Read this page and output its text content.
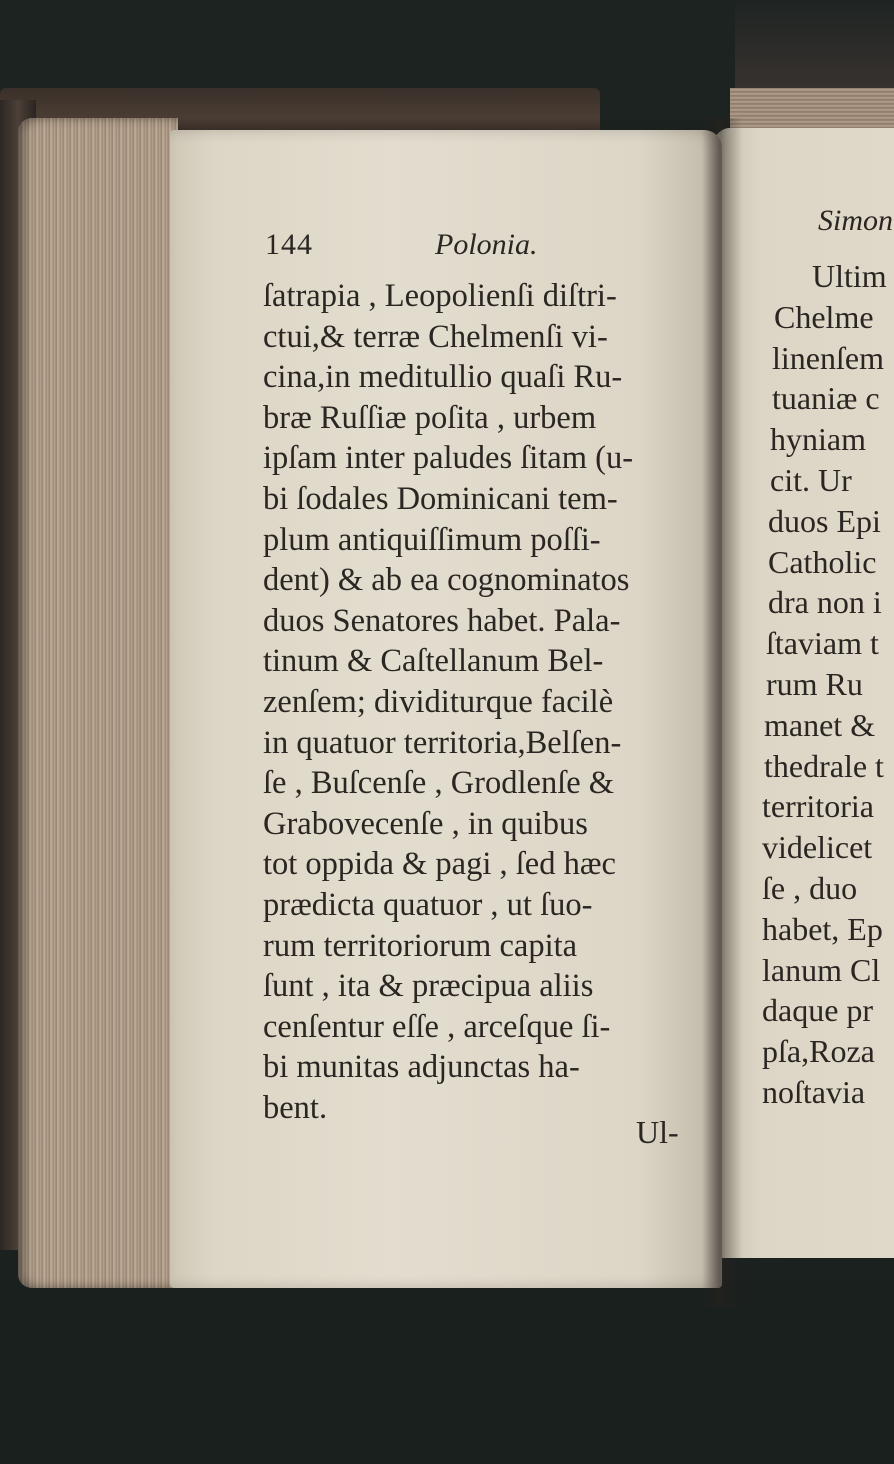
144	Polonia.
ſatrapia , Leopolienſi diſtri-
ctui,& terræ Chelmenſi vi-
cina,in meditullio quaſi Ru-
bræ Ruſſiæ poſita , urbem
ipſam inter paludes ſitam (u-
bi ſodales Dominicani tem-
plum antiquiſſimum poſſi-
dent) & ab ea cognominatos
duos Senatores habet. Pala-
tinum & Caſtellanum Bel-
zenſem; dividiturque facilè
in quatuor territoria,Belſen-
ſe , Buſcenſe , Grodlenſe &
Grabovecenſe , in quibus
tot oppida & pagi , ſed hæc
prædicta quatuor , ut ſuo-
rum territoriorum capita
ſunt , ita & præcipua aliis
cenſentur eſſe , arceſque ſi-
bi munitas adjunctas ha-
bent.
Ul-
Simon
Ultim
Chelme
linenſem
tuaniæ c
hyniam
cit. Ur
duos Epi
Catholic
dra non i
ſtaviam t
rum Ru
manet &
thedrale t
territoria
videlicet
ſe , duo
habet, Ep
lanum Cl
daque pr
pſa,Roza
noſtavia
